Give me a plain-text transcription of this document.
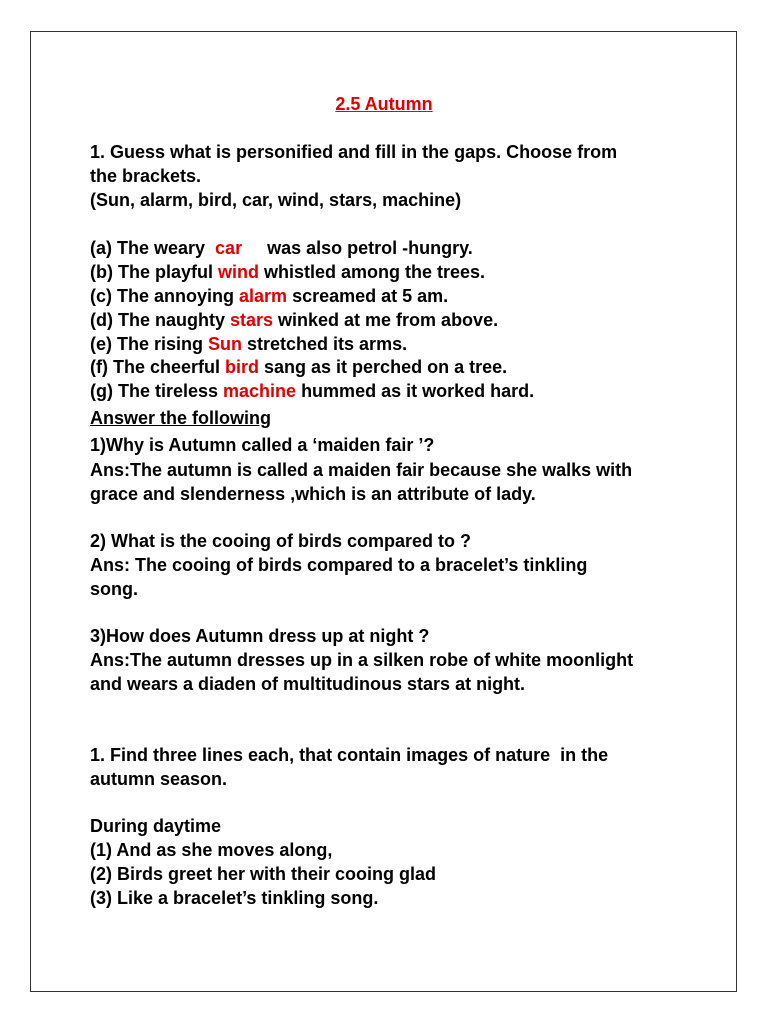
2.5 Autumn
1. Guess what is personified and fill in the gaps. Choose from
the brackets.
(Sun, alarm, bird, car, wind, stars, machine)
(a) The weary  car     was also petrol -hungry.
(b) The playful wind whistled among the trees.
(c) The annoying alarm screamed at 5 am.
(d) The naughty stars winked at me from above.
(e) The rising Sun stretched its arms.
(f) The cheerful bird sang as it perched on a tree.
(g) The tireless machine hummed as it worked hard.
Answer the following
1)Why is Autumn called a ‘maiden fair ’?
Ans:The autumn is called a maiden fair because she walks with
grace and slenderness ,which is an attribute of lady.
2) What is the cooing of birds compared to ?
Ans: The cooing of birds compared to a bracelet’s tinkling
song.
3)How does Autumn dress up at night ?
Ans:The autumn dresses up in a silken robe of white moonlight
and wears a diaden of multitudinous stars at night.
1. Find three lines each, that contain images of nature  in the
autumn season.
During daytime
(1) And as she moves along,
(2) Birds greet her with their cooing glad
(3) Like a bracelet’s tinkling song.
